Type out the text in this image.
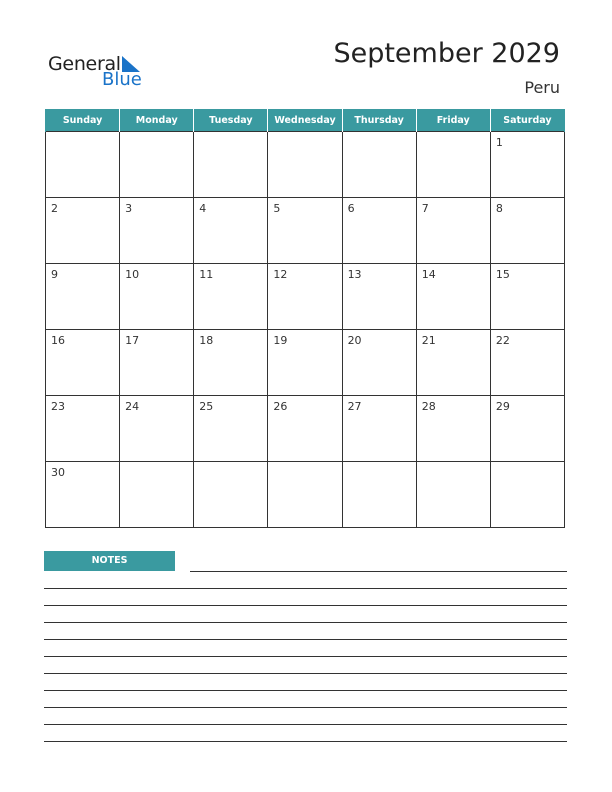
General
Blue
September 2029
Peru
Sunday	Monday	Tuesday	Wednesday	Thursday	Friday	Saturday

						1

2	3	4	5	6	7	8

9	10	11	12	13	14	15

16	17	18	19	20	21	22

23	24	25	26	27	28	29

30						

NOTES
